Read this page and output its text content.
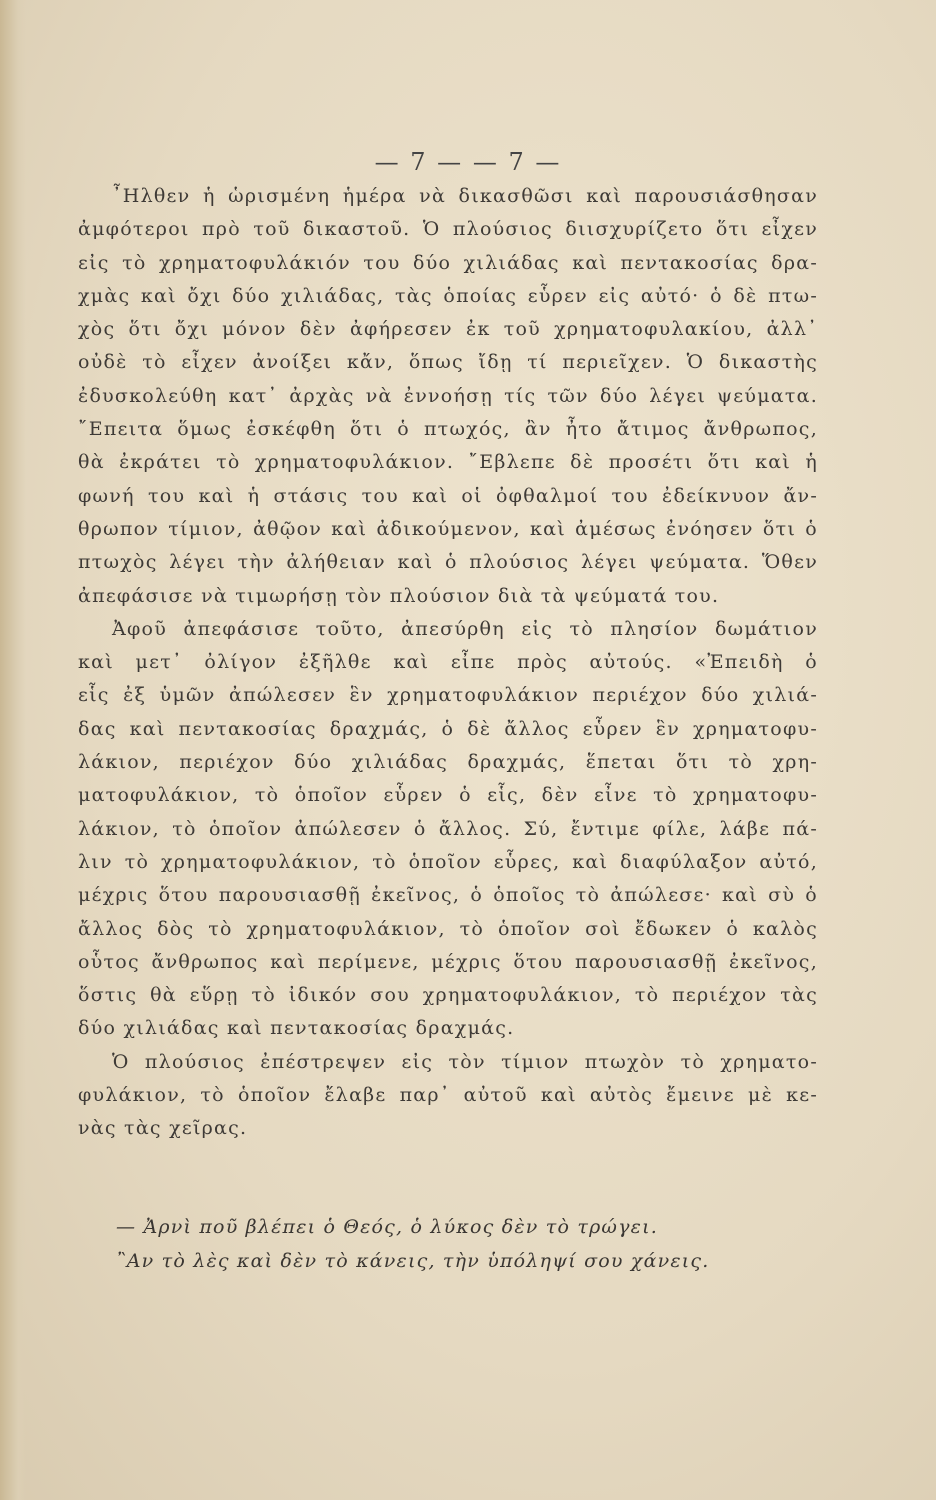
— 7 — — 7 —
῏Ηλθεν ἡ ὡρισμένη ἡμέρα νὰ δικασθῶσι καὶ παρουσιάσθησαν
ἀμφότεροι πρὸ τοῦ δικαστοῦ. Ὁ πλούσιος διισχυρίζετο ὅτι εἶχεν
εἰς τὸ χρηματοφυλάκιόν του δύο χιλιάδας καὶ πεντακοσίας δρα-
χμὰς καὶ ὄχι δύο χιλιάδας, τὰς ὁποίας εὗρεν εἰς αὐτό· ὁ δὲ πτω-
χὸς ὅτι ὄχι μόνον δὲν ἀφήρεσεν ἐκ τοῦ χρηματοφυλακίου, ἀλλ᾽
οὐδὲ τὸ εἶχεν ἀνοίξει κἄν, ὅπως ἴδῃ τί περιεῖχεν. Ὁ δικαστὴς
ἐδυσκολεύθη κατ᾽ ἀρχὰς νὰ ἐννοήσῃ τίς τῶν δύο λέγει ψεύματα.
῎Επειτα ὅμως ἐσκέφθη ὅτι ὁ πτωχός, ἂν ἦτο ἄτιμος ἄνθρωπος,
θὰ ἐκράτει τὸ χρηματοφυλάκιον. ῎Εβλεπε δὲ προσέτι ὅτι καὶ ἡ
φωνή του καὶ ἡ στάσις του καὶ οἱ ὀφθαλμοί του ἐδείκνυον ἄν-
θρωπον τίμιον, ἀθῷον καὶ ἀδικούμενον, καὶ ἀμέσως ἐνόησεν ὅτι ὁ
πτωχὸς λέγει τὴν ἀλήθειαν καὶ ὁ πλούσιος λέγει ψεύματα. Ὅθεν
ἀπεφάσισε νὰ τιμωρήσῃ τὸν πλούσιον διὰ τὰ ψεύματά του.
Ἀφοῦ ἀπεφάσισε τοῦτο, ἀπεσύρθη εἰς τὸ πλησίον δωμάτιον
καὶ μετ᾽ ὀλίγον ἐξῆλθε καὶ εἶπε πρὸς αὐτούς. «Ἐπειδὴ ὁ
εἷς ἐξ ὑμῶν ἀπώλεσεν ἓν χρηματοφυλάκιον περιέχον δύο χιλιά-
δας καὶ πεντακοσίας δραχμάς, ὁ δὲ ἄλλος εὗρεν ἓν χρηματοφυ-
λάκιον, περιέχον δύο χιλιάδας δραχμάς, ἕπεται ὅτι τὸ χρη-
ματοφυλάκιον, τὸ ὁποῖον εὗρεν ὁ εἷς, δὲν εἶνε τὸ χρηματοφυ-
λάκιον, τὸ ὁποῖον ἀπώλεσεν ὁ ἄλλος. Σύ, ἔντιμε φίλε, λάβε πά-
λιν τὸ χρηματοφυλάκιον, τὸ ὁποῖον εὗρες, καὶ διαφύλαξον αὐτό,
μέχρις ὅτου παρουσιασθῇ ἐκεῖνος, ὁ ὁποῖος τὸ ἀπώλεσε· καὶ σὺ ὁ
ἄλλος δὸς τὸ χρηματοφυλάκιον, τὸ ὁποῖον σοὶ ἔδωκεν ὁ καλὸς
οὗτος ἄνθρωπος καὶ περίμενε, μέχρις ὅτου παρουσιασθῇ ἐκεῖνος,
ὅστις θὰ εὕρῃ τὸ ἰδικόν σου χρηματοφυλάκιον, τὸ περιέχον τὰς
δύο χιλιάδας καὶ πεντακοσίας δραχμάς.
Ὁ πλούσιος ἐπέστρεψεν εἰς τὸν τίμιον πτωχὸν τὸ χρηματο-
φυλάκιον, τὸ ὁποῖον ἔλαβε παρ᾽ αὐτοῦ καὶ αὐτὸς ἔμεινε μὲ κε-
νὰς τὰς χεῖρας.
— Ἀρνὶ ποῦ βλέπει ὁ Θεός, ὁ λύκος δὲν τὸ τρώγει.
῍Αν τὸ λὲς καὶ δὲν τὸ κάνεις, τὴν ὑπόληψί σου χάνεις.
